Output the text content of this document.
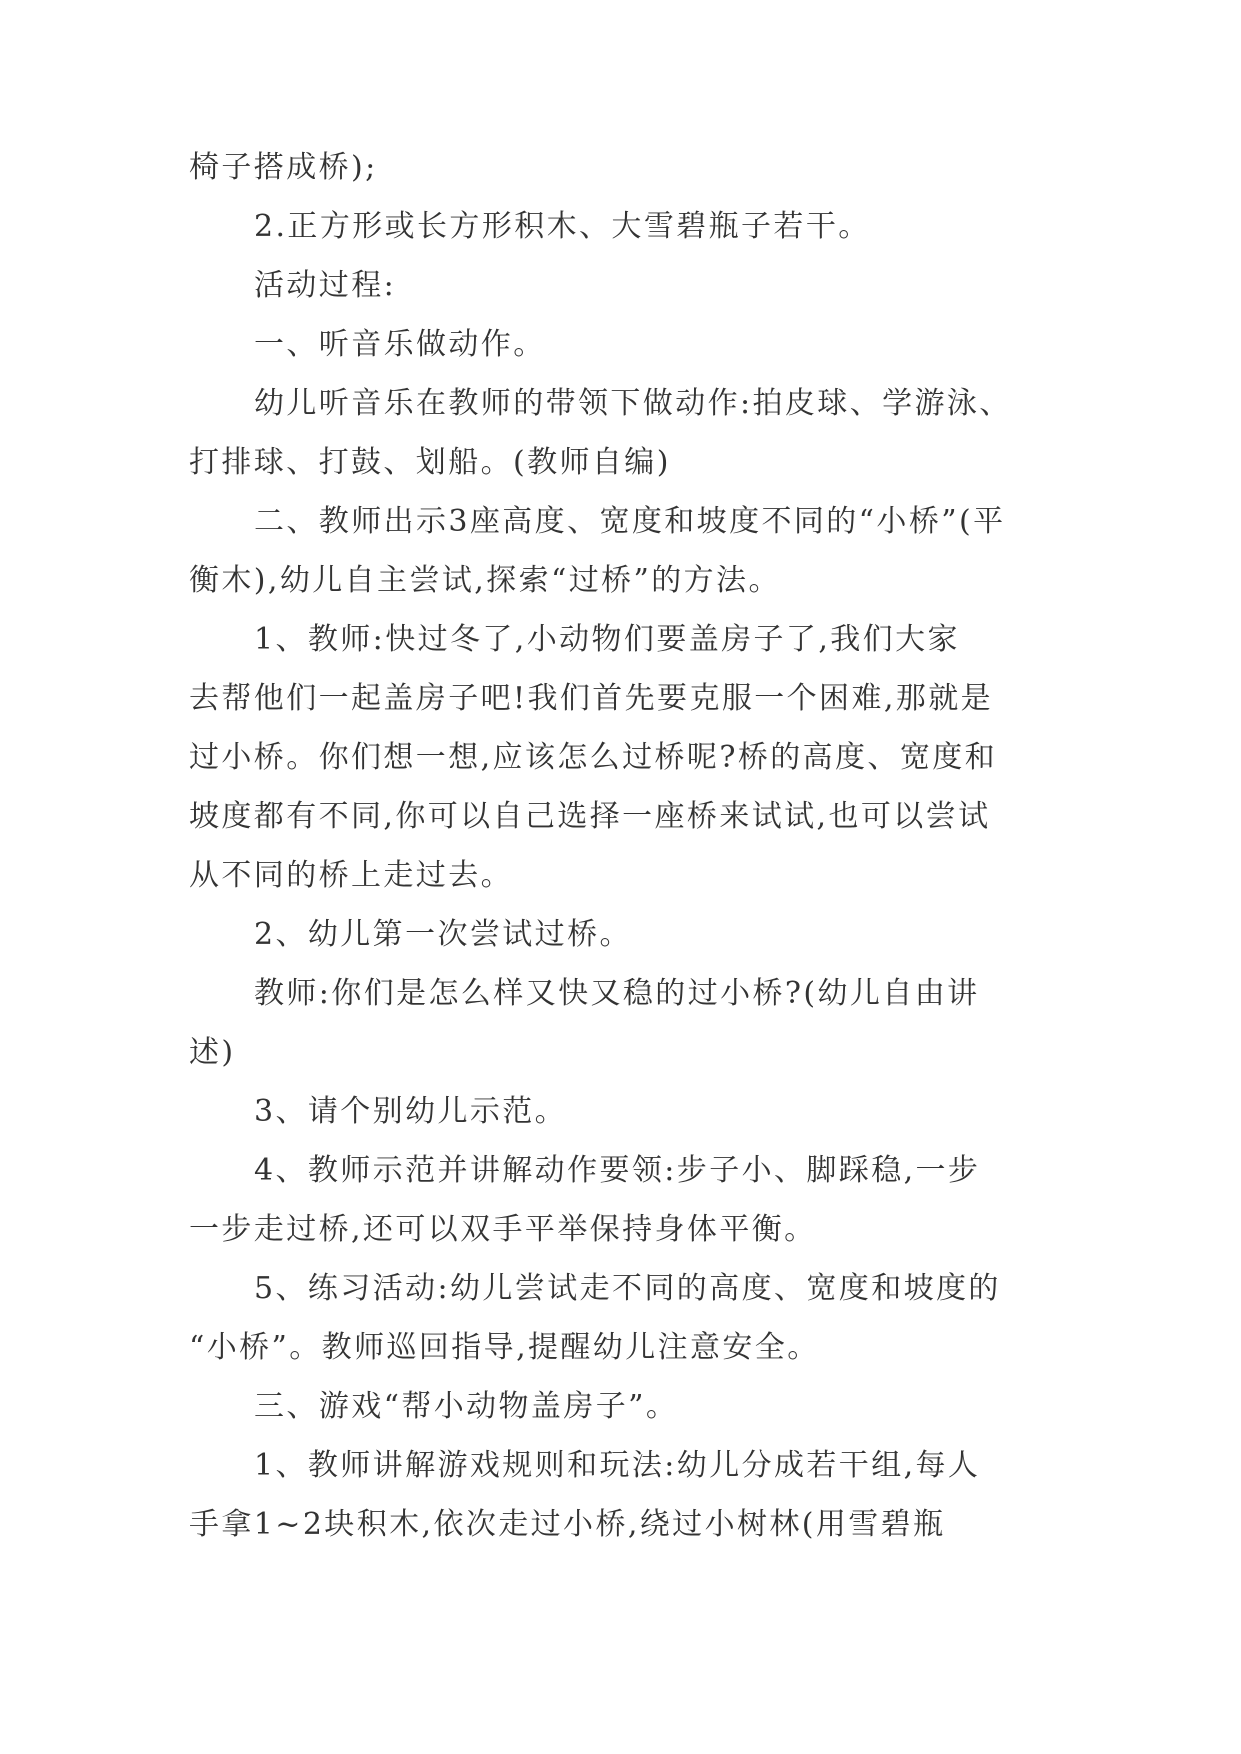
椅子搭成桥);
2.正方形或长方形积木、大雪碧瓶子若干。
活动过程:
一、听音乐做动作。
幼儿听音乐在教师的带领下做动作:拍皮球、学游泳、
打排球、打鼓、划船。(教师自编)
二、教师出示3座高度、宽度和坡度不同的“小桥”(平
衡木),幼儿自主尝试,探索“过桥”的方法。
1、教师:快过冬了,小动物们要盖房子了,我们大家
去帮他们一起盖房子吧!我们首先要克服一个困难,那就是
过小桥。你们想一想,应该怎么过桥呢?桥的高度、宽度和
坡度都有不同,你可以自己选择一座桥来试试,也可以尝试
从不同的桥上走过去。
2、幼儿第一次尝试过桥。
教师:你们是怎么样又快又稳的过小桥?(幼儿自由讲
述)
3、请个别幼儿示范。
4、教师示范并讲解动作要领:步子小、脚踩稳,一步
一步走过桥,还可以双手平举保持身体平衡。
5、练习活动:幼儿尝试走不同的高度、宽度和坡度的
“小桥”。教师巡回指导,提醒幼儿注意安全。
三、游戏“帮小动物盖房子”。
1、教师讲解游戏规则和玩法:幼儿分成若干组,每人
手拿1~2块积木,依次走过小桥,绕过小树林(用雪碧瓶
